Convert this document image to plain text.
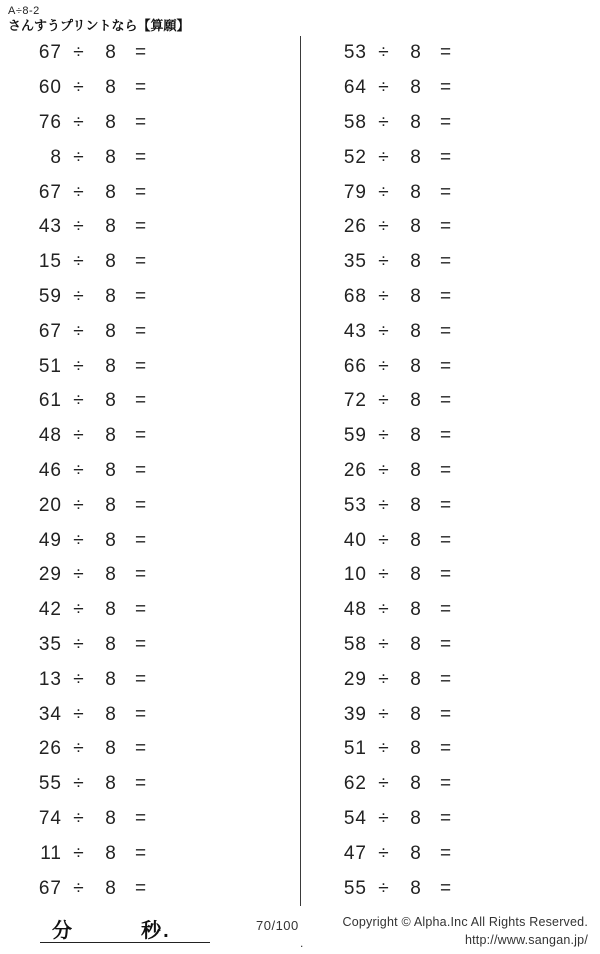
A÷8-2
さんすうプリントなら【算願】
67 ÷	8 =
60 ÷	8 =
76 ÷	8 =
8 ÷	8 =
67 ÷	8 =
43 ÷	8 =
15 ÷	8 =
59 ÷	8 =
67 ÷	8 =
51 ÷	8 =
61 ÷	8 =
48 ÷	8 =
46 ÷	8 =
20 ÷	8 =
49 ÷	8 =
29 ÷	8 =
42 ÷	8 =
35 ÷	8 =
13 ÷	8 =
34 ÷	8 =
26 ÷	8 =
55 ÷	8 =
74 ÷	8 =
11 ÷	8 =
67 ÷	8 =
53 ÷	8 =
64 ÷	8 =
58 ÷	8 =
52 ÷	8 =
79 ÷	8 =
26 ÷	8 =
35 ÷	8 =
68 ÷	8 =
43 ÷	8 =
66 ÷	8 =
72 ÷	8 =
59 ÷	8 =
26 ÷	8 =
53 ÷	8 =
40 ÷	8 =
10 ÷	8 =
48 ÷	8 =
58 ÷	8 =
29 ÷	8 =
39 ÷	8 =
51 ÷	8 =
62 ÷	8 =
54 ÷	8 =
47 ÷	8 =
55 ÷	8 =
分	秒.	70/100
.
Copyright © Alpha.Inc All Rights Reserved.
http://www.sangan.jp/
